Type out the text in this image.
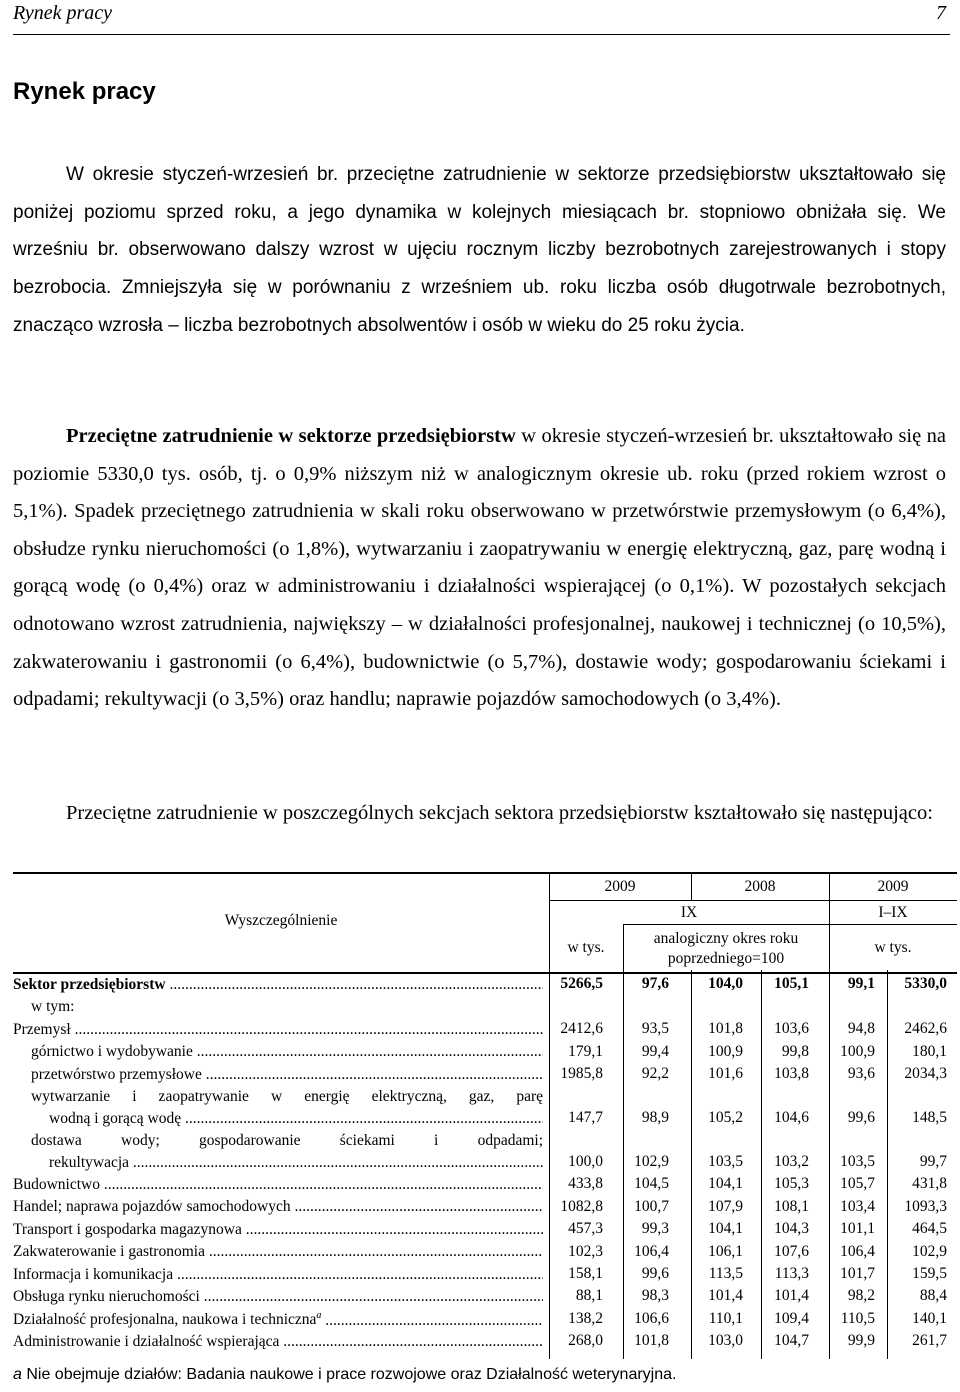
Rynek pracy	7
Rynek pracy
W okresie styczeń-wrzesień br. przeciętne zatrudnienie w sektorze przedsiębiorstw ukształtowało się poniżej poziomu sprzed roku, a jego dynamika w kolejnych miesiącach br. stopniowo obniżała się. We wrześniu br. obserwowano dalszy wzrost w ujęciu rocznym liczby bezrobotnych zarejestrowanych i stopy bezrobocia. Zmniejszyła się w porównaniu z wrześniem ub. roku liczba osób długotrwale bezrobotnych, znacząco wzrosła – liczba bezrobotnych absolwentów i osób w wieku do 25 roku życia.
Przeciętne zatrudnienie w sektorze przedsiębiorstw w okresie styczeń-wrzesień br. ukształtowało się na poziomie 5330,0 tys. osób, tj. o 0,9% niższym niż w analogicznym okresie ub. roku (przed rokiem wzrost o 5,1%). Spadek przeciętnego zatrudnienia w skali roku obserwowano w przetwórstwie przemysłowym (o 6,4%), obsłudze rynku nieruchomości (o 1,8%), wytwarzaniu i zaopatrywaniu w energię elektryczną, gaz, parę wodną i gorącą wodę (o 0,4%) oraz w administrowaniu i działalności wspierającej (o 0,1%). W pozostałych sekcjach odnotowano wzrost zatrudnienia, największy – w działalności profesjonalnej, naukowej i technicznej (o 10,5%), zakwaterowaniu i gastronomii (o 6,4%), budownictwie (o 5,7%), dostawie wody; gospodarowaniu ściekami i odpadami; rekultywacji (o 3,5%) oraz handlu; naprawie pojazdów samochodowych (o 3,4%).
Przeciętne zatrudnienie w poszczególnych sekcjach sektora przedsiębiorstw kształtowało się następująco:
Wyszczególnienie
2009	2008	2009
IX	I–IX
w tys.
analogiczny okres roku
poprzedniego=100
w tys.
Sektor przedsiębiorstw .....	5266,5	97,6	104,0 105,1	99,1 5330,0
w tym:
Przemysł .....	2412,6	93,5	101,8 103,6	94,8 2462,6
górnictwo i wydobywanie .....	179,1	99,4	100,9	99,8 100,9 180,1
przetwórstwo przemysłowe .....	1985,8	92,2	101,6 103,8	93,6 2034,3
wytwarzanie i zaopatrywanie w energię elektryczną, gaz, parę
wodną i gorącą wodę .....	147,7	98,9	105,2 104,6	99,6 148,5
dostawa wody; gospodarowanie ściekami i odpadami;
rekultywacja .....	100,0 102,9	103,5 103,2 103,5	99,7
Budownictwo .....	433,8 104,5	104,1 105,3 105,7 431,8
Handel; naprawa pojazdów samochodowych .....	1082,8 100,7	107,9 108,1 103,4 1093,3
Transport i gospodarka magazynowa .....	457,3	99,3	104,1 104,3 101,1 464,5
Zakwaterowanie i gastronomia .....	102,3 106,4	106,1 107,6 106,4 102,9
Informacja i komunikacja .....	158,1	99,6	113,5 113,3 101,7 159,5
Obsługa rynku nieruchomości .....	88,1	98,3	101,4 101,4	98,2	88,4
Działalność profesjonalna, naukowa i techniczna$^a$ .....	138,2 106,6	110,1 109,4 110,5 140,1
Administrowanie i działalność wspierająca .....	268,0 101,8	103,0 104,7	99,9 261,7
a Nie obejmuje działów: Badania naukowe i prace rozwojowe oraz Działalność weterynaryjna.
